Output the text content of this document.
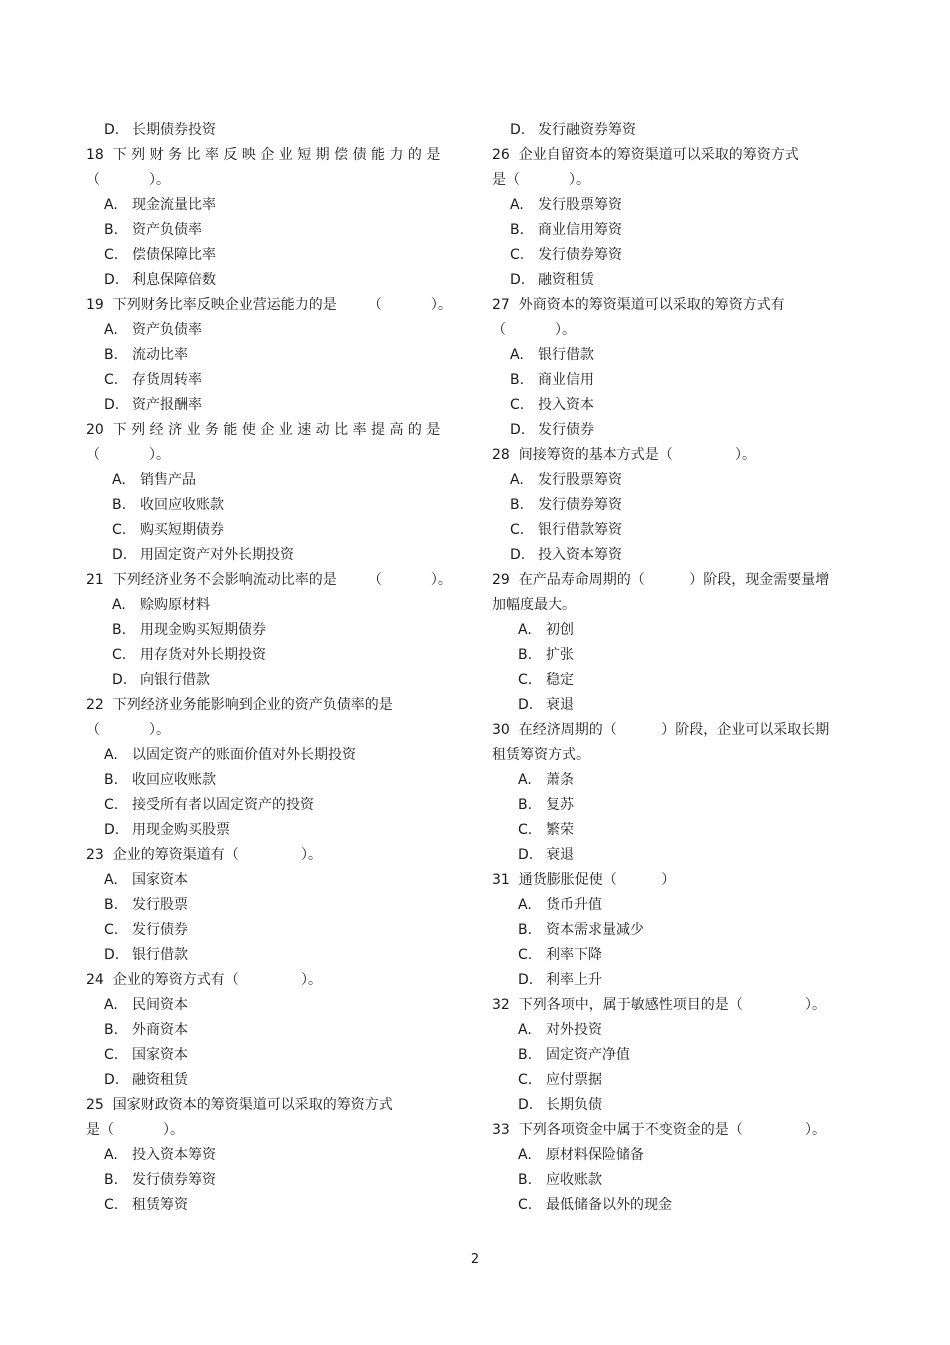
D. 长期债券投资
18  下 列 财 务 比 率 反 映 企 业 短 期 偿 债 能 力 的 是
（           ）。
A. 现金流量比率
B. 资产负债率
C. 偿债保障比率
D. 利息保障倍数
19  下列财务比率反映企业营运能力的是       （           ）。
A. 资产负债率
B. 流动比率
C. 存货周转率
D. 资产报酬率
20  下 列 经 济 业 务 能 使 企 业 速 动 比 率 提 高 的 是
（           ）。
A. 销售产品
B. 收回应收账款
C. 购买短期债券
D. 用固定资产对外长期投资
21  下列经济业务不会影响流动比率的是       （           ）。
A. 赊购原材料
B. 用现金购买短期债券
C. 用存货对外长期投资
D. 向银行借款
22  下列经济业务能影响到企业的资产负债率的是
（           ）。
A. 以固定资产的账面价值对外长期投资
B. 收回应收账款
C. 接受所有者以固定资产的投资
D. 用现金购买股票
23  企业的筹资渠道有（              ）。
A. 国家资本
B. 发行股票
C. 发行债券
D. 银行借款
24  企业的筹资方式有（              ）。
A. 民间资本
B. 外商资本
C. 国家资本
D. 融资租赁
25  国家财政资本的筹资渠道可以采取的筹资方式
是（           ）。
A. 投入资本筹资
B. 发行债券筹资
C. 租赁筹资
D. 发行融资券筹资
26  企业自留资本的筹资渠道可以采取的筹资方式
是（           ）。
A. 发行股票筹资
B. 商业信用筹资
C. 发行债券筹资
D. 融资租赁
27  外商资本的筹资渠道可以采取的筹资方式有
（           ）。
A. 银行借款
B. 商业信用
C. 投入资本
D. 发行债券
28  间接筹资的基本方式是（              ）。
A. 发行股票筹资
B. 发行债券筹资
C. 银行借款筹资
D. 投入资本筹资
29  在产品寿命周期的（          ）阶段，现金需要量增
加幅度最大。
A. 初创
B. 扩张
C. 稳定
D. 衰退
30  在经济周期的（          ）阶段，企业可以采取长期
租赁筹资方式。
A. 萧条
B. 复苏
C. 繁荣
D. 衰退
31  通货膨胀促使（          ）
A. 货币升值
B. 资本需求量减少
C. 利率下降
D. 利率上升
32  下列各项中，属于敏感性项目的是（              ）。
A. 对外投资
B. 固定资产净值
C. 应付票据
D. 长期负债
33  下列各项资金中属于不变资金的是（              ）。
A. 原材料保险储备
B. 应收账款
C. 最低储备以外的现金
2
